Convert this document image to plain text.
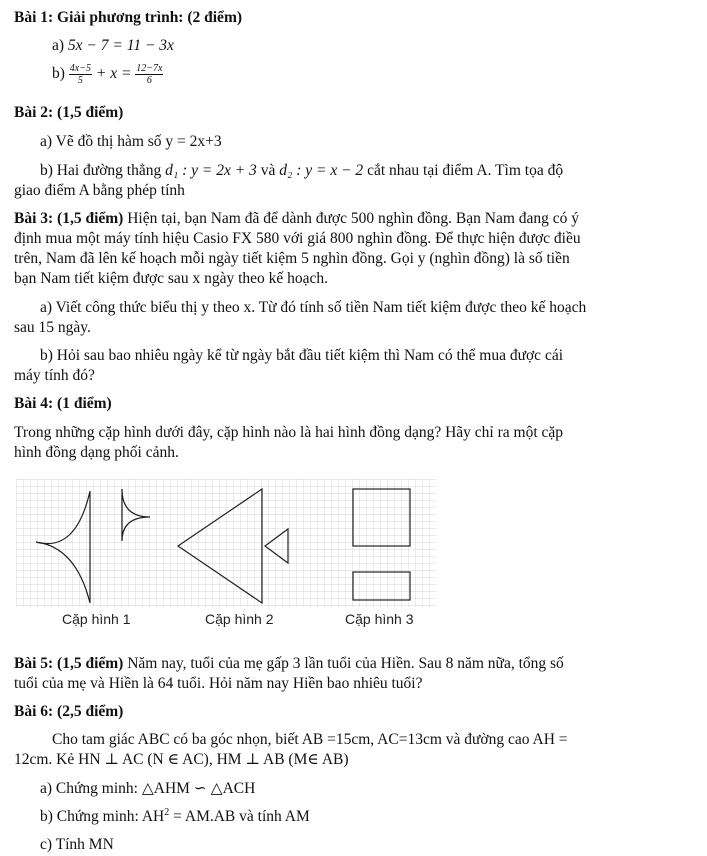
Bài 1: Giải phương trình: (2 điểm)
a) 5x − 7 = 11 − 3x
$b) \frac{4x-5}{5} + x = \frac{12-7x}{6}$
Bài 2: (1,5 điểm)
a) Vẽ đồ thị hàm số y = 2x+3
b) Hai đường thẳng d₁ : y = 2x + 3 và d₂ : y = x − 2 cắt nhau tại điểm A. Tìm tọa độ
giao điểm A bằng phép tính
Bài 3: (1,5 điểm) Hiện tại, bạn Nam đã để dành được 500 nghìn đồng. Bạn Nam đang có ý
định mua một máy tính hiệu Casio FX 580 với giá 800 nghìn đồng. Để thực hiện được điều
trên, Nam đã lên kế hoạch mỗi ngày tiết kiệm 5 nghìn đồng. Gọi y (nghìn đồng) là số tiền
bạn Nam tiết kiệm được sau x ngày theo kế hoạch.
a) Viết công thức biểu thị y theo x. Từ đó tính số tiền Nam tiết kiệm được theo kế hoạch
sau 15 ngày.
b) Hỏi sau bao nhiêu ngày kể từ ngày bắt đầu tiết kiệm thì Nam có thể mua được cái
máy tính đó?
Bài 4: (1 điểm)
Trong những cặp hình dưới đây, cặp hình nào là hai hình đồng dạng? Hãy chỉ ra một cặp
hình đồng dạng phối cảnh.
Cặp hình 1	Cặp hình 2	Cặp hình 3
Bài 5: (1,5 điểm) Năm nay, tuổi của mẹ gấp 3 lần tuổi của Hiền. Sau 8 năm nữa, tổng số
tuổi của mẹ và Hiền là 64 tuổi. Hỏi năm nay Hiền bao nhiêu tuổi?
Bài 6: (2,5 điểm)
Cho tam giác ABC có ba góc nhọn, biết AB =15cm, AC=13cm và đường cao AH =
12cm. Kẻ HN ⊥ AC (N ∈ AC), HM ⊥ AB (M∈ AB)
a) Chứng minh: △AHM ∽ △ACH
b) Chứng minh: $AH^2 = AM.AB$ và tính AM
c) Tính MN
